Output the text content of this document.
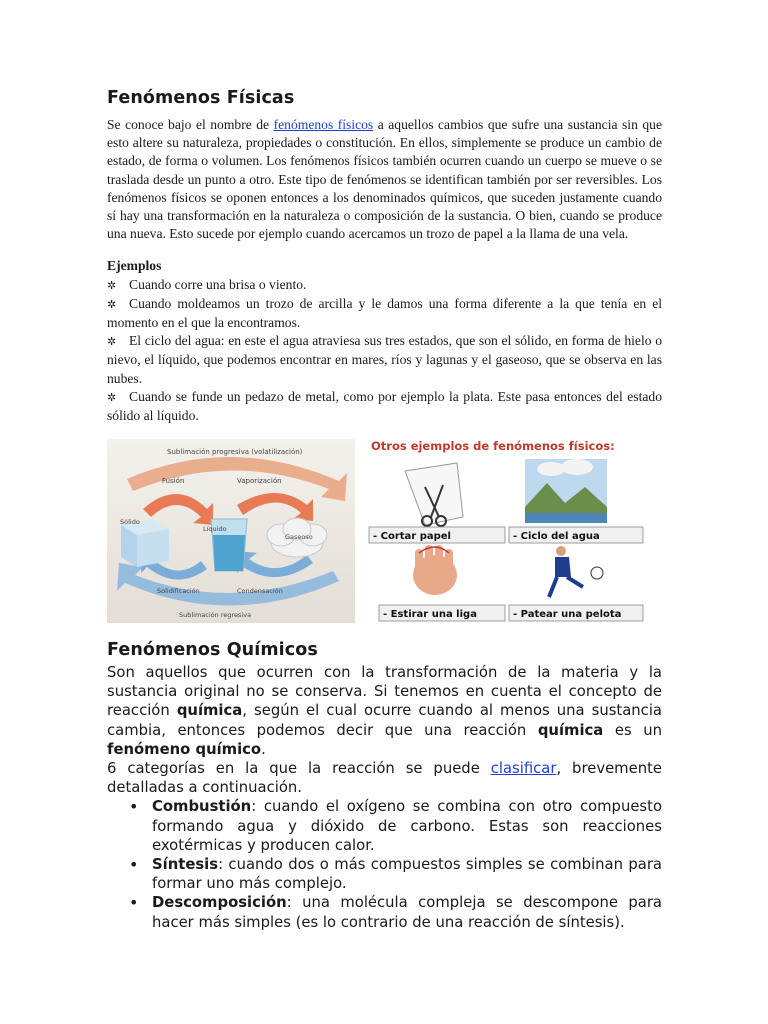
Fenómenos Físicas
Se conoce bajo el nombre de fenómenos físicos a aquellos cambios que sufre una sustancia sin que esto altere su naturaleza, propiedades o constitución. En ellos, simplemente se produce un cambio de estado, de forma o volumen. Los fenómenos físicos también ocurren cuando un cuerpo se mueve o se traslada desde un punto a otro. Este tipo de fenómenos se identifican también por ser reversibles. Los fenómenos físicos se oponen entonces a los denominados químicos, que suceden justamente cuando sí hay una transformación en la naturaleza o composición de la sustancia. O bien, cuando se produce una nueva. Esto sucede por ejemplo cuando acercamos un trozo de papel a la llama de una vela.
Ejemplos
✲ Cuando corre una brisa o viento.
✲ Cuando moldeamos un trozo de arcilla y le damos una forma diferente a la que tenía en el momento en el que la encontramos.
✲ El ciclo del agua: en este el agua atraviesa sus tres estados, que son el sólido, en forma de hielo o nievo, el líquido, que podemos encontrar en mares, ríos y lagunas y el gaseoso, que se observa en las nubes.
✲ Cuando se funde un pedazo de metal, como por ejemplo la plata. Este pasa entonces del estado sólido al líquido.
Sublimación progresiva (volatilización)
Fusión	Vaporización
Sólido
Líquido
Gaseoso
Solidificación	Condensación
Sublimación regresiva
Otros ejemplos de fenómenos físicos:
- Cortar papel	- Ciclo del agua
- Estirar una liga	- Patear una pelota
Fenómenos Químicos
Son aquellos que ocurren con la transformación de la materia y la sustancia original no se conserva. Si tenemos en cuenta el concepto de reacción química, según el cual ocurre cuando al menos una sustancia cambia, entonces podemos decir que una reacción química es un fenómeno químico.
6 categorías en la que la reacción se puede clasificar, brevemente detalladas a continuación.
• Combustión: cuando el oxígeno se combina con otro compuesto formando agua y dióxido de carbono. Estas son reacciones exotérmicas y producen calor.
• Síntesis: cuando dos o más compuestos simples se combinan para formar uno más complejo.
• Descomposición: una molécula compleja se descompone para hacer más simples (es lo contrario de una reacción de síntesis).
